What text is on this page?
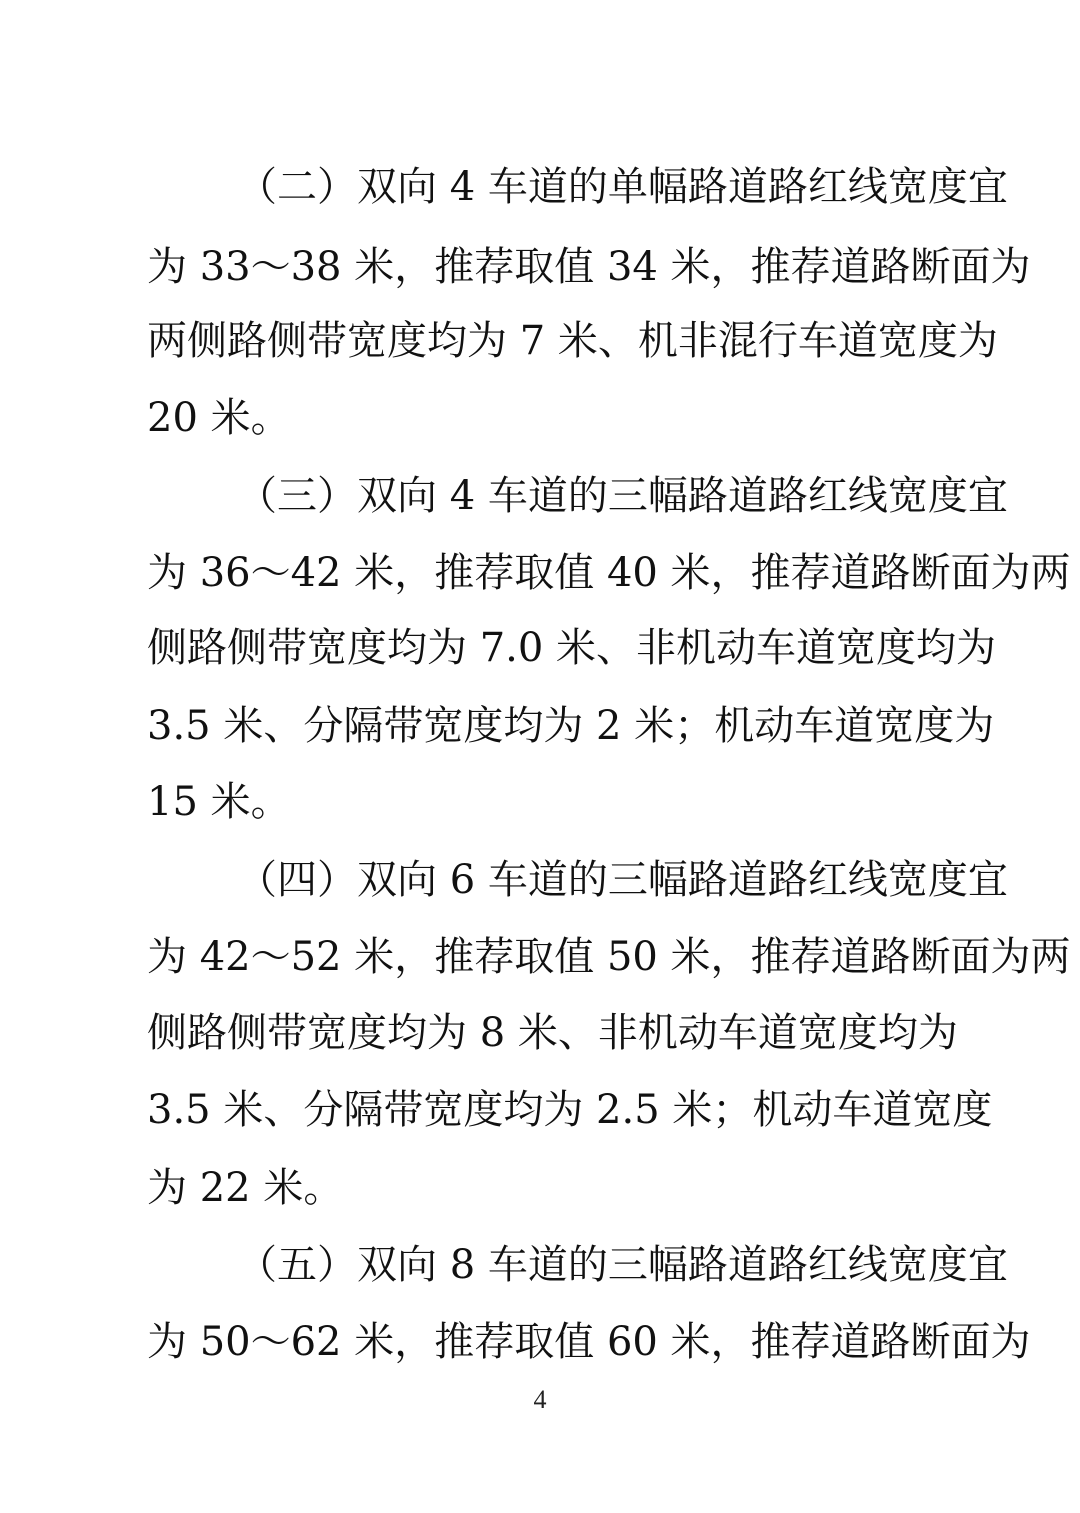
（二）双向 4 车道的单幅路道路红线宽度宜
为 33～38 米，推荐取值 34 米，推荐道路断面为
两侧路侧带宽度均为 7 米、机非混行车道宽度为
20 米。
（三）双向 4 车道的三幅路道路红线宽度宜
为 36～42 米，推荐取值 40 米，推荐道路断面为两
侧路侧带宽度均为 7.0 米、非机动车道宽度均为
3.5 米、分隔带宽度均为 2 米；机动车道宽度为
15 米。
（四）双向 6 车道的三幅路道路红线宽度宜
为 42～52 米，推荐取值 50 米，推荐道路断面为两
侧路侧带宽度均为 8 米、非机动车道宽度均为
3.5 米、分隔带宽度均为 2.5 米；机动车道宽度
为 22 米。
（五）双向 8 车道的三幅路道路红线宽度宜
为 50～62 米，推荐取值 60 米，推荐道路断面为
4
